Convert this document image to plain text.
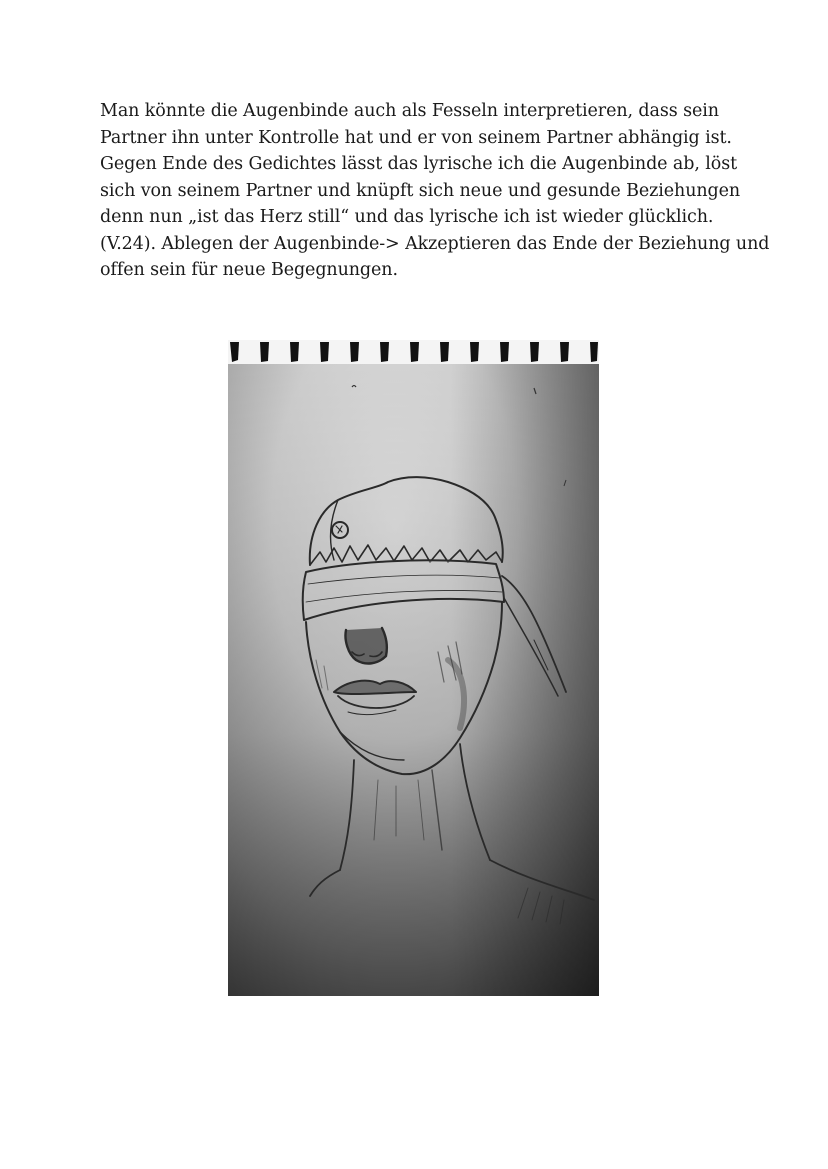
Man könnte die Augenbinde auch als Fesseln interpretieren, dass sein
Partner ihn unter Kontrolle hat und er von seinem Partner abhängig ist.
Gegen Ende des Gedichtes lässt das lyrische ich die Augenbinde ab, löst
sich von seinem Partner und knüpft sich neue und gesunde Beziehungen
denn nun „ist das Herz still“ und das lyrische ich ist wieder glücklich.
(V.24). Ablegen der Augenbinde-> Akzeptieren das Ende der Beziehung und
offen sein für neue Begegnungen.
